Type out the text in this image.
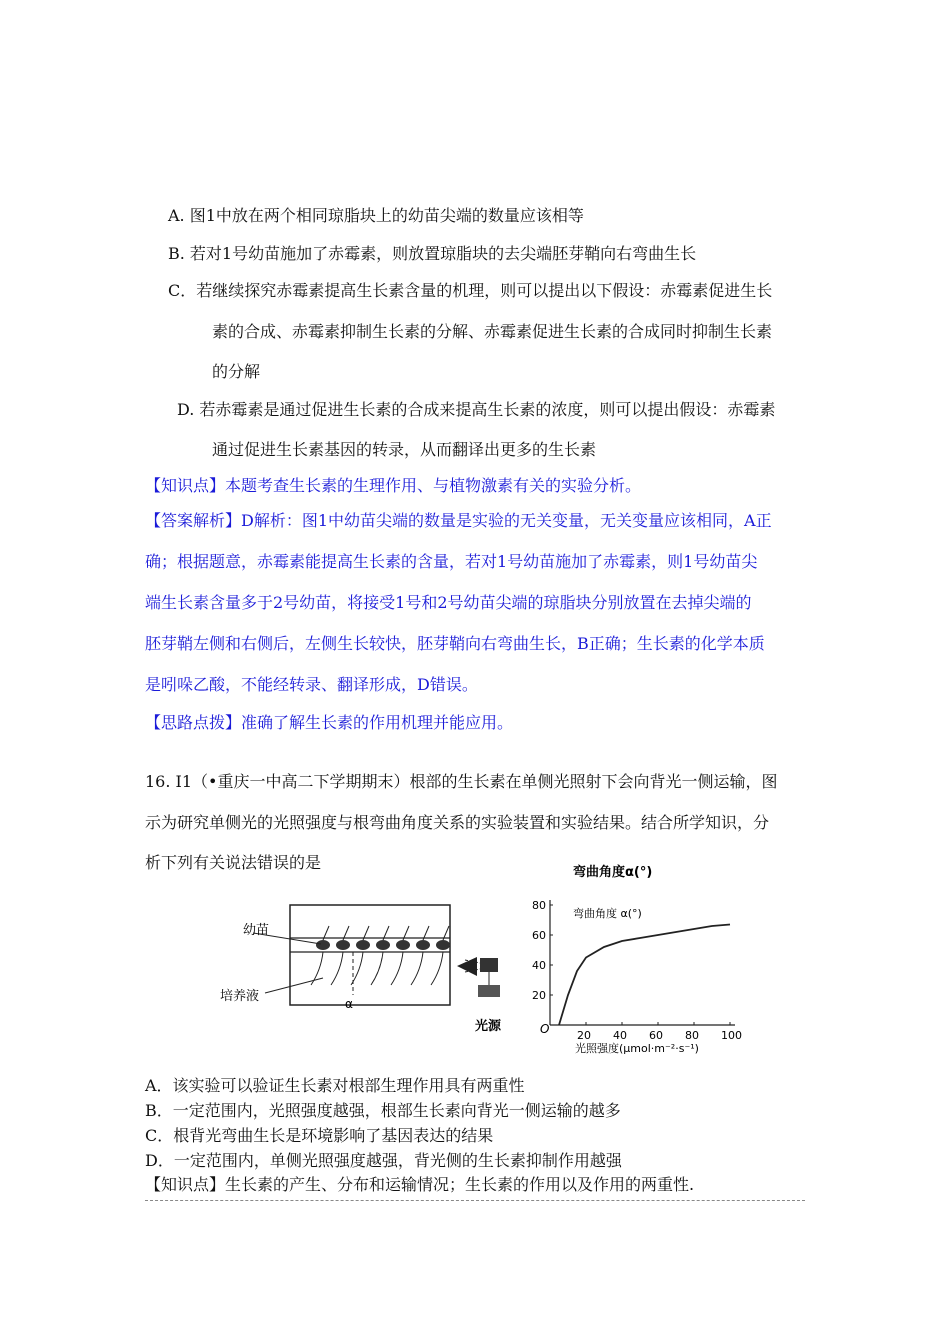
A. 图1中放在两个相同琼脂块上的幼苗尖端的数量应该相等
B. 若对1号幼苗施加了赤霉素，则放置琼脂块的去尖端胚芽鞘向右弯曲生长
C．若继续探究赤霉素提高生长素含量的机理，则可以提出以下假设：赤霉素促进生长
素的合成、赤霉素抑制生长素的分解、赤霉素促进生长素的合成同时抑制生长素
的分解
D. 若赤霉素是通过促进生长素的合成来提高生长素的浓度，则可以提出假设：赤霉素
通过促进生长素基因的转录，从而翻译出更多的生长素
【知识点】本题考查生长素的生理作用、与植物激素有关的实验分析。
【答案解析】D解析：图1中幼苗尖端的数量是实验的无关变量，无关变量应该相同，A正
确；根据题意，赤霉素能提高生长素的含量，若对1号幼苗施加了赤霉素，则1号幼苗尖
端生长素含量多于2号幼苗，将接受1号和2号幼苗尖端的琼脂块分别放置在去掉尖端的
胚芽鞘左侧和右侧后，左侧生长较快，胚芽鞘向右弯曲生长，B正确；生长素的化学本质
是吲哚乙酸，不能经转录、翻译形成，D错误。
【思路点拨】准确了解生长素的作用机理并能应用。
16. I1（•重庆一中高二下学期期末）根部的生长素在单侧光照射下会向背光一侧运输，图
示为研究单侧光的光照强度与根弯曲角度关系的实验装置和实验结果。结合所学知识，分
析下列有关说法错误的是
幼苗
培养液	α
光源
弯曲角度α(°)
弯曲角度 α(°)
光照强度(μmol·m⁻²·s⁻¹)
O	20 40 60 80 100
20
40
60
80
A．该实验可以验证生长素对根部生理作用具有两重性
B．一定范围内，光照强度越强，根部生长素向背光一侧运输的越多
C．根背光弯曲生长是环境影响了基因表达的结果
D．一定范围内，单侧光照强度越强，背光侧的生长素抑制作用越强
【知识点】生长素的产生、分布和运输情况；生长素的作用以及作用的两重性.
